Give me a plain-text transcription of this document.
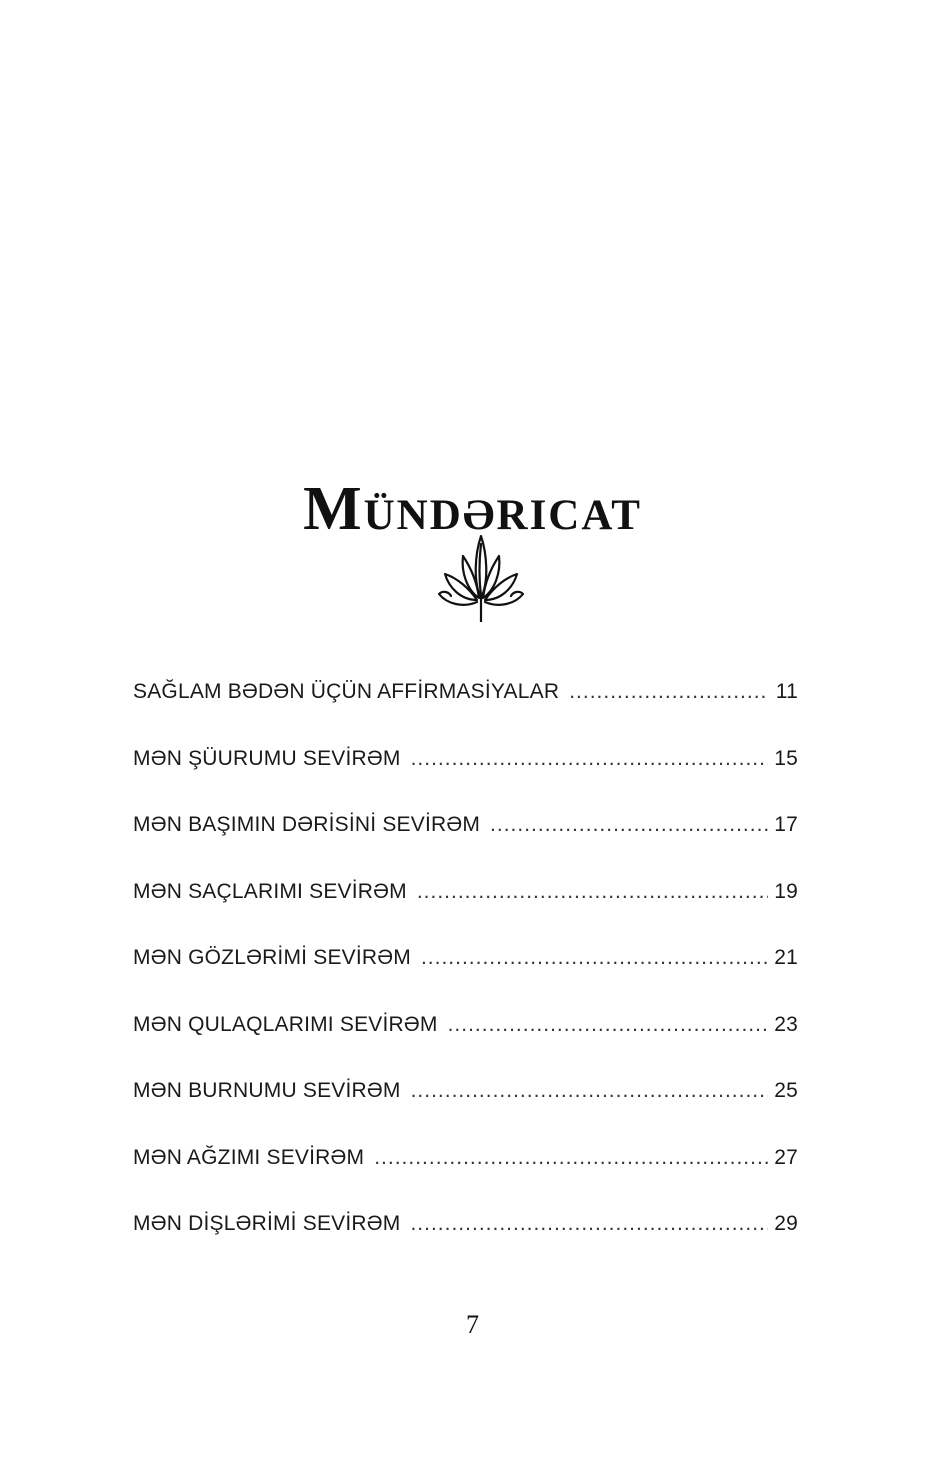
Mündəricat
SAĞLAM BƏDƏN ÜÇÜN AFFİRMASİYALAR .....	11
MƏN ŞÜURUMU SEVİRƏM .....	15
MƏN BAŞIMIN DƏRİSİNİ SEVİRƏM .....	17
MƏN SAÇLARIMI SEVİRƏM .....	19
MƏN GÖZLƏRİMİ SEVİRƏM .....	21
MƏN QULAQLARIMI SEVİRƏM .....	23
MƏN BURNUMU SEVİRƏM .....	25
MƏN AĞZIMI SEVİRƏM .....	27
MƏN DİŞLƏRİMİ SEVİRƏM .....	29
7
